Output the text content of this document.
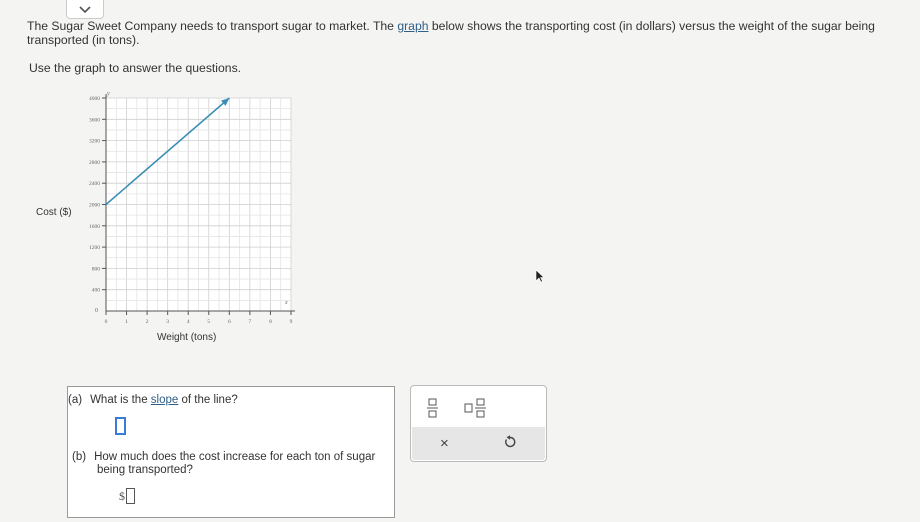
The Sugar Sweet Company needs to transport sugar to market. The graph below shows the transporting cost (in dollars) versus the weight of the sugar being transported (in tons).
Use the graph to answer the questions.
400
800
1200
1600
2000
2400
2800
3200
3600
4000
0	1	2	3	4	5	6	7	8	9
Cost ($)
y
x
0
Weight (tons)
(a) What is the slope of the line?
(b) How much does the cost increase for each ton of sugar
being transported?
$
×
